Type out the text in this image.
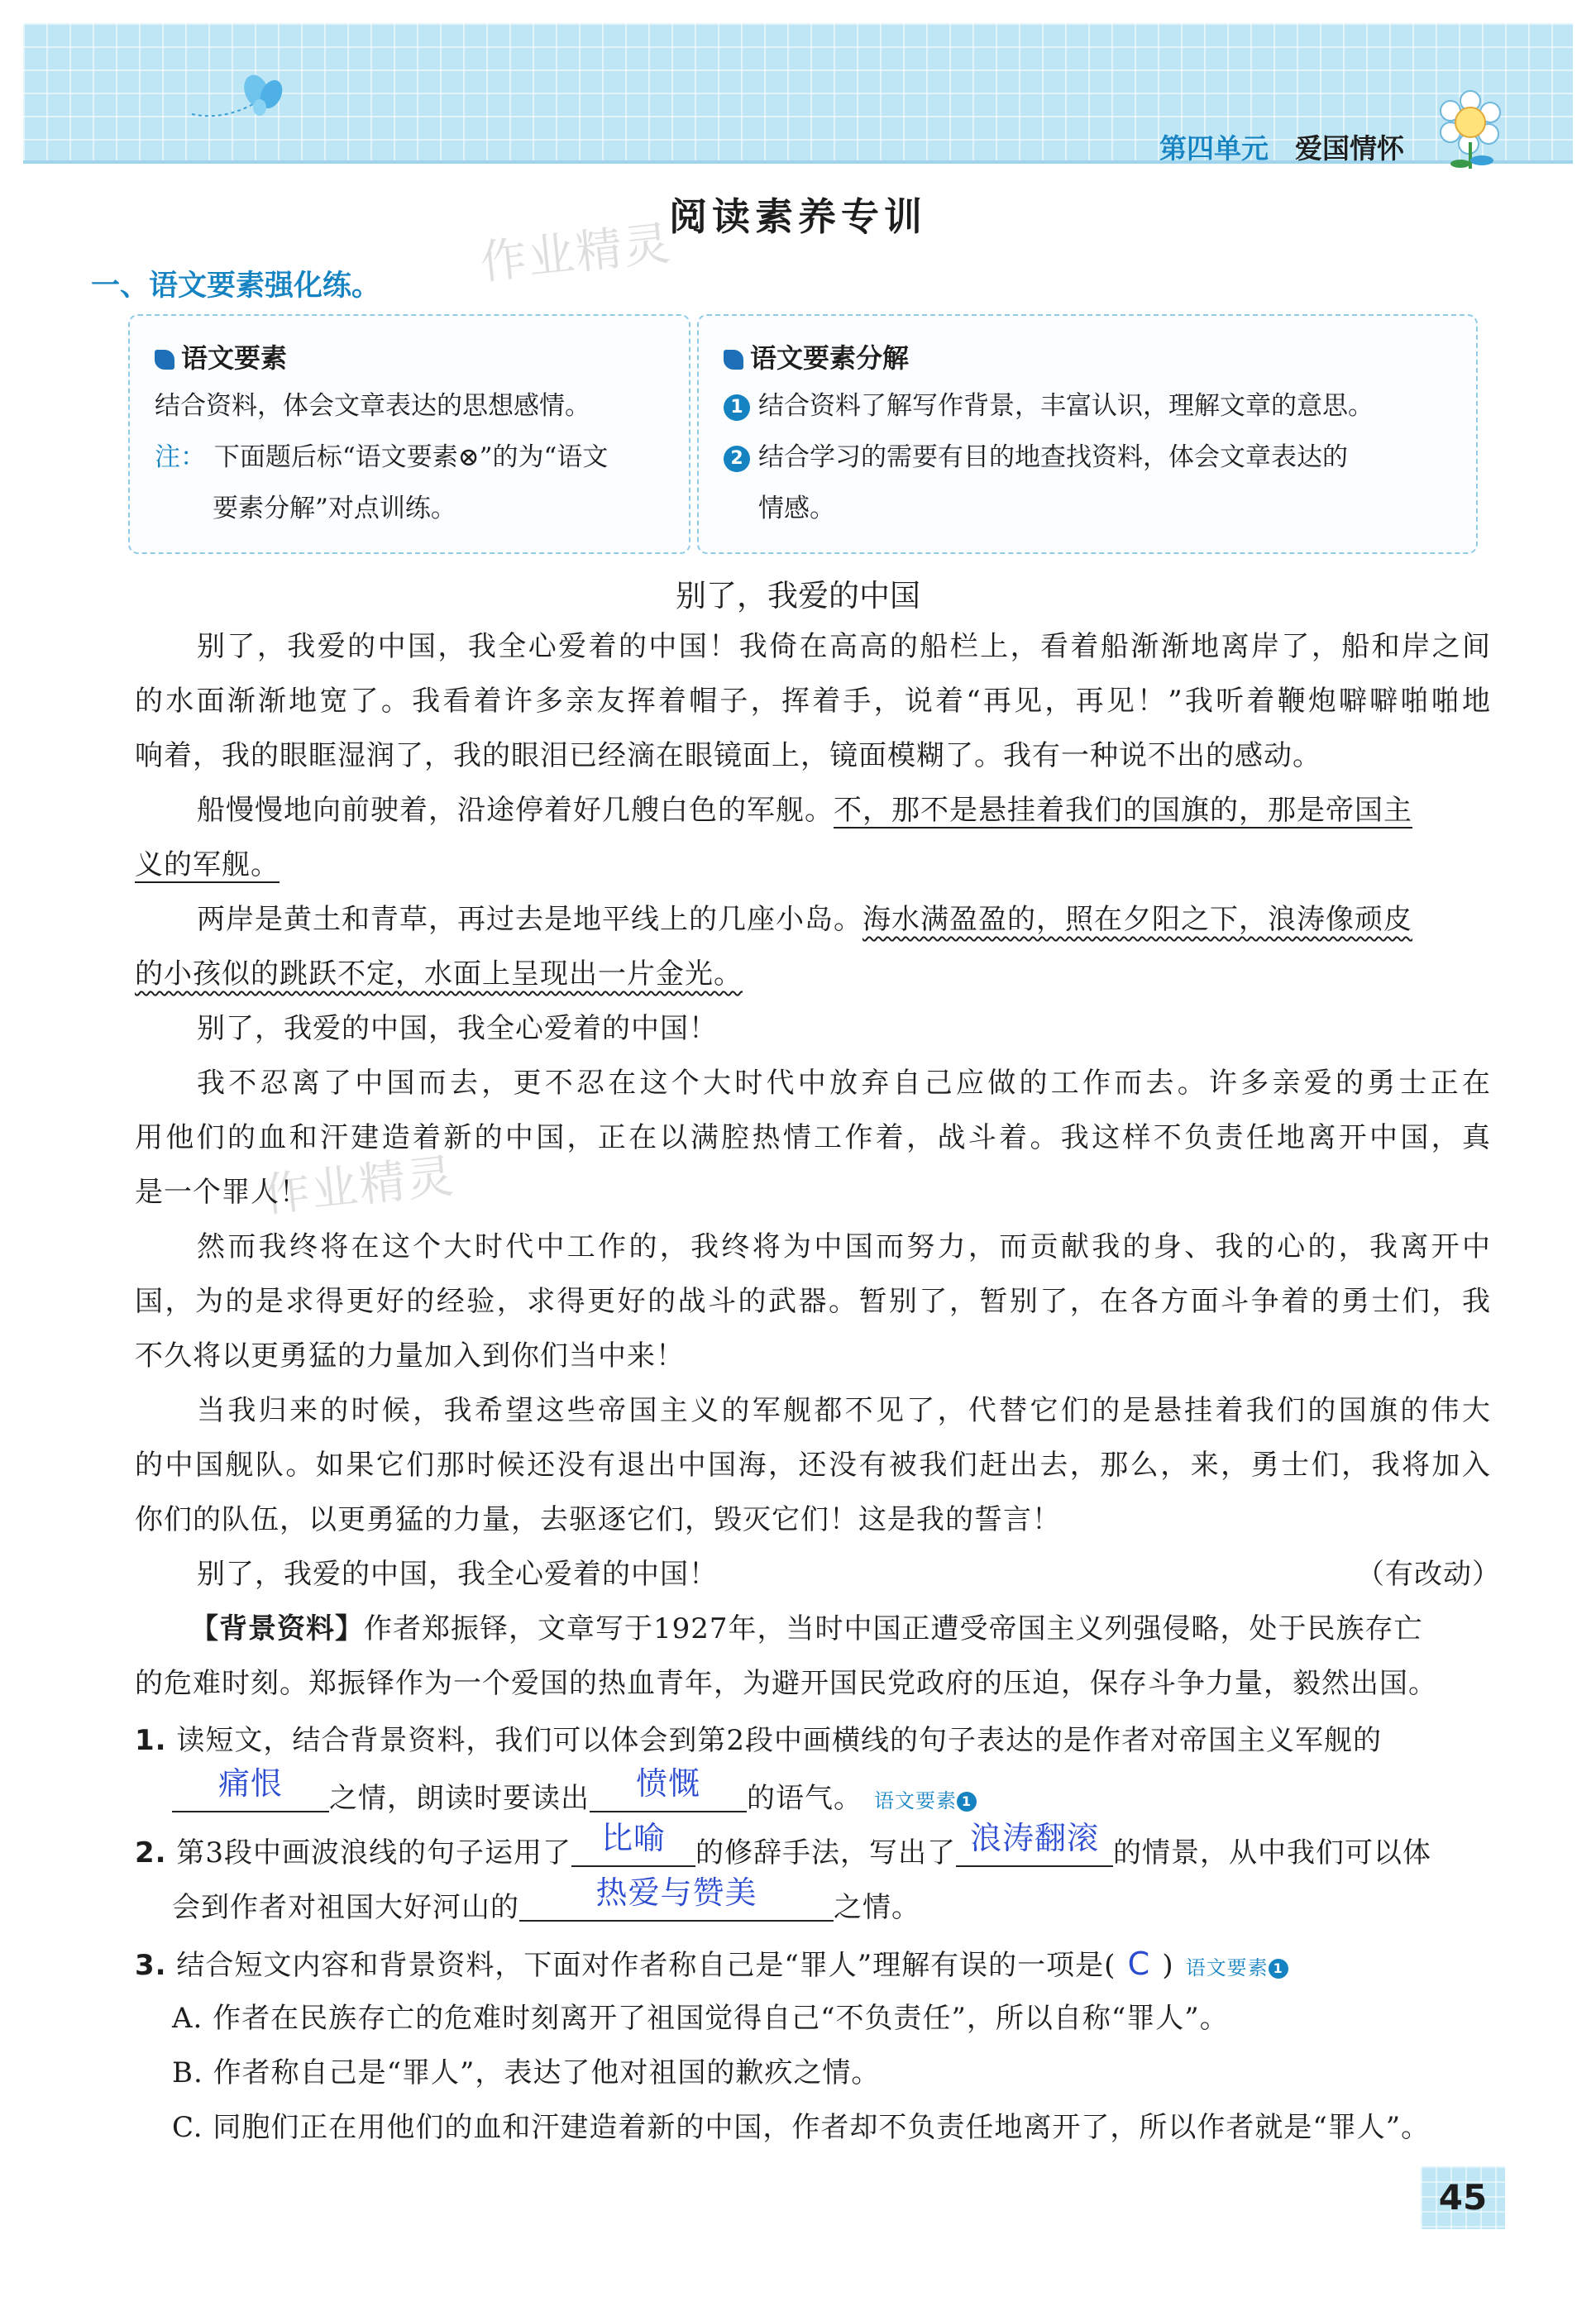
第四单元 爱国情怀
阅读素养专训
作业精灵
作业精灵
一、语文要素强化练。
语文要素
结合资料，体会文章表达的思想感情。
注： 下面题后标“语文要素⊗”的为“语文
要素分解”对点训练。
语文要素分解
1 结合资料了解写作背景，丰富认识，理解文章的意思。
2 结合学习的需要有目的地查找资料，体会文章表达的
情感。
别了，我爱的中国
别了，我爱的中国，我全心爱着的中国！我倚在高高的船栏上，看着船渐渐地离岸了，船和岸之间
的水面渐渐地宽了。我看着许多亲友挥着帽子，挥着手，说着“再见，再见！”我听着鞭炮噼噼啪啪地
响着，我的眼眶湿润了，我的眼泪已经滴在眼镜面上，镜面模糊了。我有一种说不出的感动。
船慢慢地向前驶着，沿途停着好几艘白色的军舰。不，那不是悬挂着我们的国旗的，那是帝国主
义的军舰。
两岸是黄土和青草，再过去是地平线上的几座小岛。海水满盈盈的，照在夕阳之下，浪涛像顽皮
的小孩似的跳跃不定，水面上呈现出一片金光。
别了，我爱的中国，我全心爱着的中国！
我不忍离了中国而去，更不忍在这个大时代中放弃自己应做的工作而去。许多亲爱的勇士正在
用他们的血和汗建造着新的中国，正在以满腔热情工作着，战斗着。我这样不负责任地离开中国，真
是一个罪人！
然而我终将在这个大时代中工作的，我终将为中国而努力，而贡献我的身、我的心的，我离开中
国，为的是求得更好的经验，求得更好的战斗的武器。暂别了，暂别了，在各方面斗争着的勇士们，我
不久将以更勇猛的力量加入到你们当中来！
当我归来的时候，我希望这些帝国主义的军舰都不见了，代替它们的是悬挂着我们的国旗的伟大
的中国舰队。如果它们那时候还没有退出中国海，还没有被我们赶出去，那么，来，勇士们，我将加入
你们的队伍，以更勇猛的力量，去驱逐它们，毁灭它们！这是我的誓言！
别了，我爱的中国，我全心爱着的中国！	（有改动）
【背景资料】作者郑振铎，文章写于1927年，当时中国正遭受帝国主义列强侵略，处于民族存亡
的危难时刻。郑振铎作为一个爱国的热血青年，为避开国民党政府的压迫，保存斗争力量，毅然出国。
1. 读短文，结合背景资料，我们可以体会到第2段中画横线的句子表达的是作者对帝国主义军舰的
痛恨	之情，朗读时要读出	愤慨	的语气。 语文要素 1
2. 第3段中画波浪线的句子运用了 比喻	的修辞手法，写出了 浪涛翻滚 的情景，从中我们可以体
会到作者对祖国大好河山的	热爱与赞美	之情。
3. 结合短文内容和背景资料，下面对作者称自己是“罪人”理解有误的一项是( C ) 语文要素 1
A. 作者在民族存亡的危难时刻离开了祖国觉得自己“不负责任”，所以自称“罪人”。
B. 作者称自己是“罪人”，表达了他对祖国的歉疚之情。
C. 同胞们正在用他们的血和汗建造着新的中国，作者却不负责任地离开了，所以作者就是“罪人”。
45
